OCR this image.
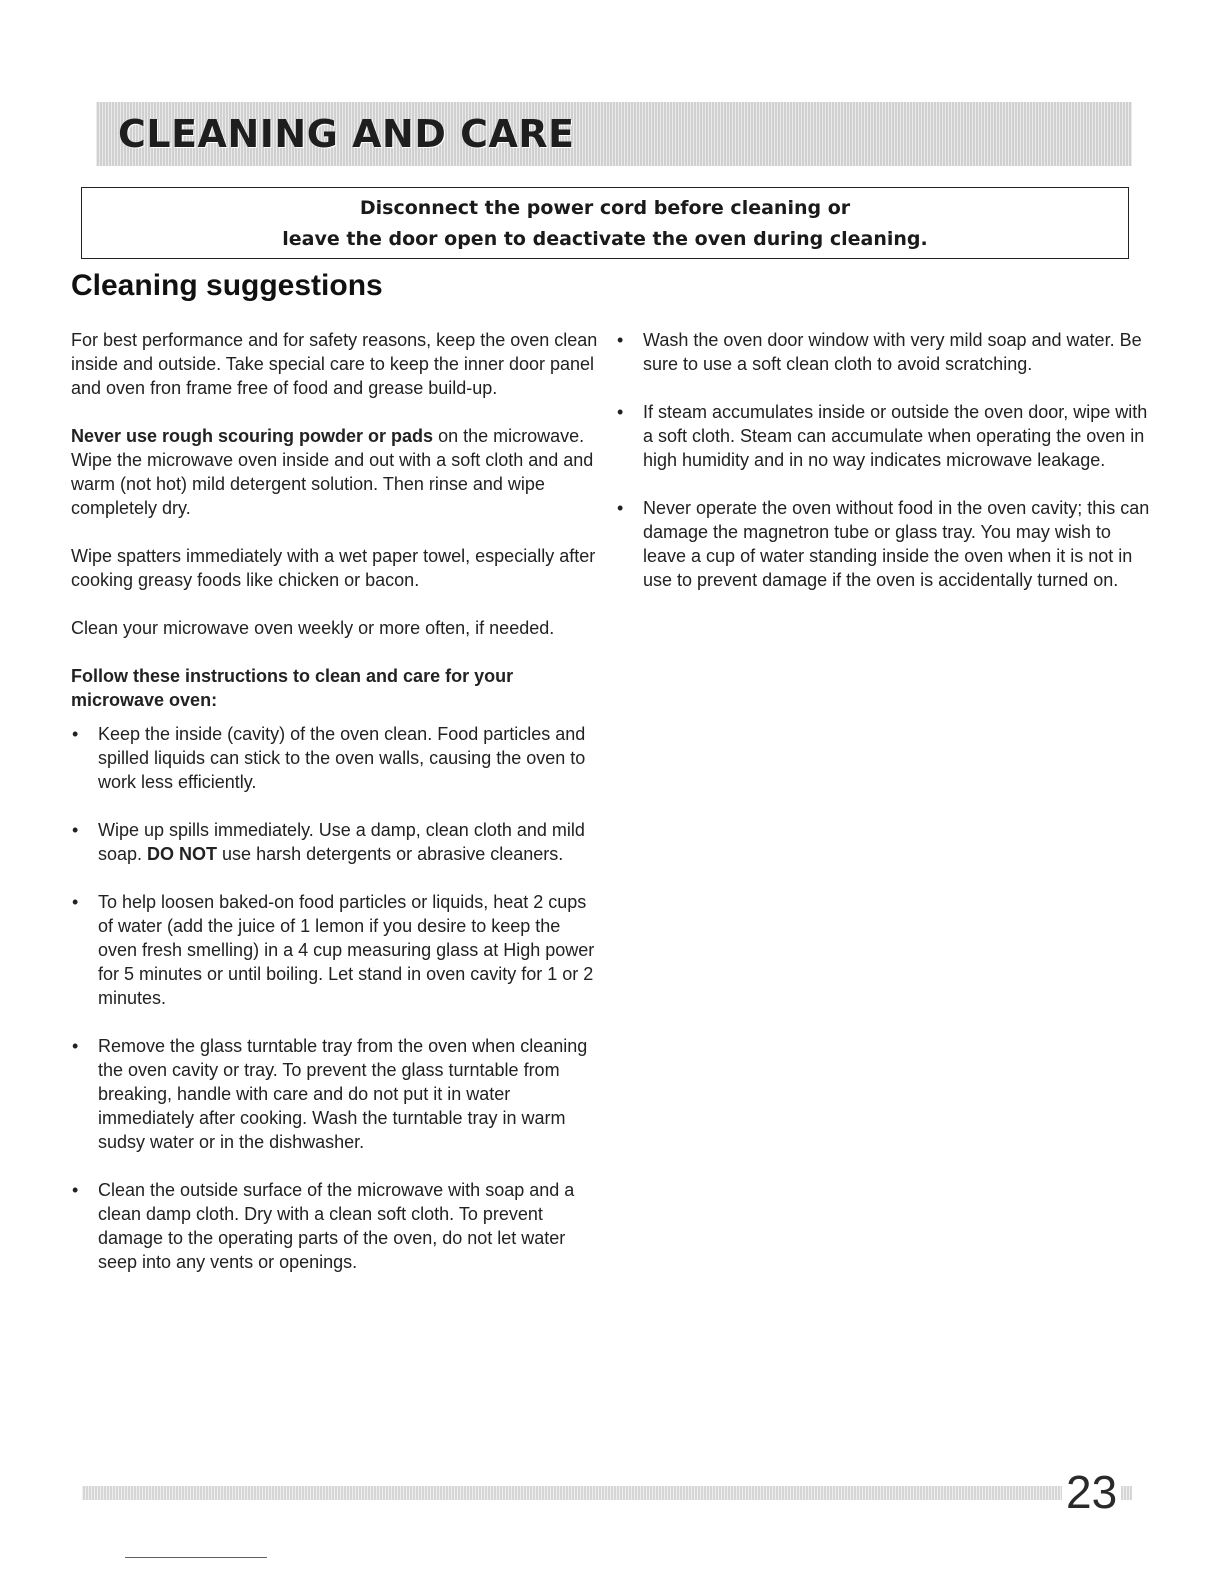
CLEANING AND CARE
Disconnect the power cord before cleaning or
leave the door open to deactivate the oven during cleaning.
Cleaning suggestions

For best performance and for safety reasons, keep the oven clean inside and outside. Take special care to keep the inner door panel and oven fron frame free of food and grease build-up.

Never use rough scouring powder or pads on the microwave. Wipe the microwave oven inside and out with a soft cloth and and warm (not hot) mild detergent solution. Then rinse and wipe completely dry.

Wipe spatters immediately with a wet paper towel, especially after cooking greasy foods like chicken or bacon.

Clean your microwave oven weekly or more often, if needed.

Follow these instructions to clean and care for your microwave oven:

• Keep the inside (cavity) of the oven clean. Food particles and spilled liquids can stick to the oven walls, causing the oven to work less efficiently.
• Wipe up spills immediately. Use a damp, clean cloth and mild soap. DO NOT use harsh detergents or abrasive cleaners.
• To help loosen baked-on food particles or liquids, heat 2 cups of water (add the juice of 1 lemon if you desire to keep the oven fresh smelling) in a 4 cup measuring glass at High power for 5 minutes or until boiling. Let stand in oven cavity for 1 or 2 minutes.
• Remove the glass turntable tray from the oven when cleaning the oven cavity or tray. To prevent the glass turntable from breaking, handle with care and do not put it in water immediately after cooking. Wash the turntable tray in warm sudsy water or in the dishwasher.
• Clean the outside surface of the microwave with soap and a clean damp cloth. Dry with a clean soft cloth. To prevent damage to the operating parts of the oven, do not let water seep into any vents or openings.
• Wash the oven door window with very mild soap and water. Be sure to use a soft clean cloth to avoid scratching.
• If steam accumulates inside or outside the oven door, wipe with a soft cloth. Steam can accumulate when operating the oven in high humidity and in no way indicates microwave leakage.
• Never operate the oven without food in the oven cavity; this can damage the magnetron tube or glass tray. You may wish to leave a cup of water standing inside the oven when it is not in use to prevent damage if the oven is accidentally turned on.
23
